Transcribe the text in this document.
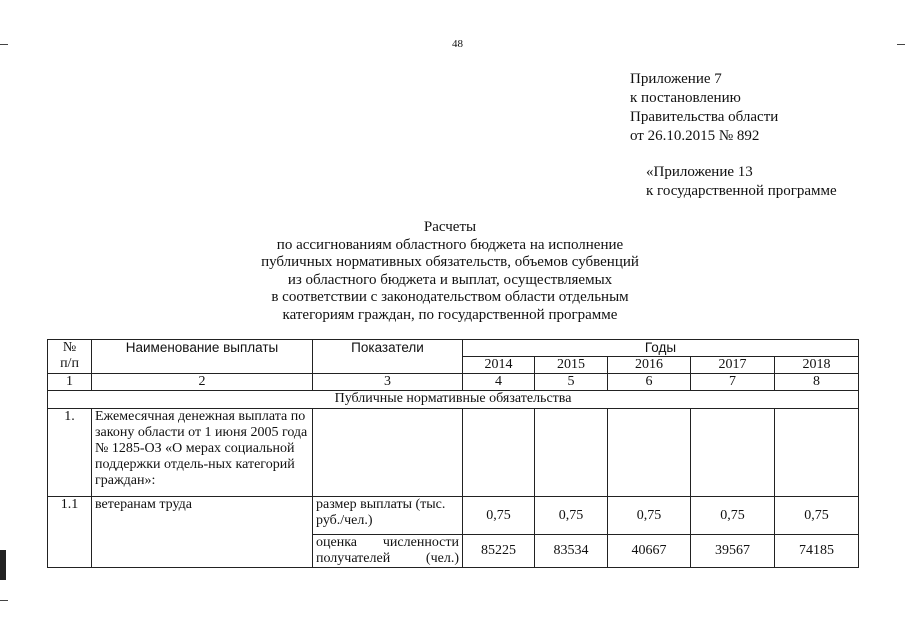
48
Приложение 7
к постановлению
Правительства области
от 26.10.2015 № 892
«Приложение 13
к государственной программе
Расчеты
по ассигнованиям областного бюджета на исполнение
публичных нормативных обязательств, объемов субвенций
из областного бюджета и выплат, осуществляемых
в соответствии с законодательством области отдельным
категориям граждан, по государственной программе
№
п/п	Наименование выплаты	Показатели	Годы				
			2014	2015	2016	2017	2018
1	2	3	4	5	6	7	8
Публичные нормативные обязательства							
1.	Ежемесячная денежная выплата по закону области от 1 июня 2005 года № 1285-ОЗ «О мерах социальной поддержки отдель-ных категорий граждан»:						
1.1	ветеранам труда	размер выплаты (тыс. руб./чел.)	0,75	0,75	0,75	0,75	0,75
		оценка численности получателей (чел.)	85225	83534	40667	39567	74185
